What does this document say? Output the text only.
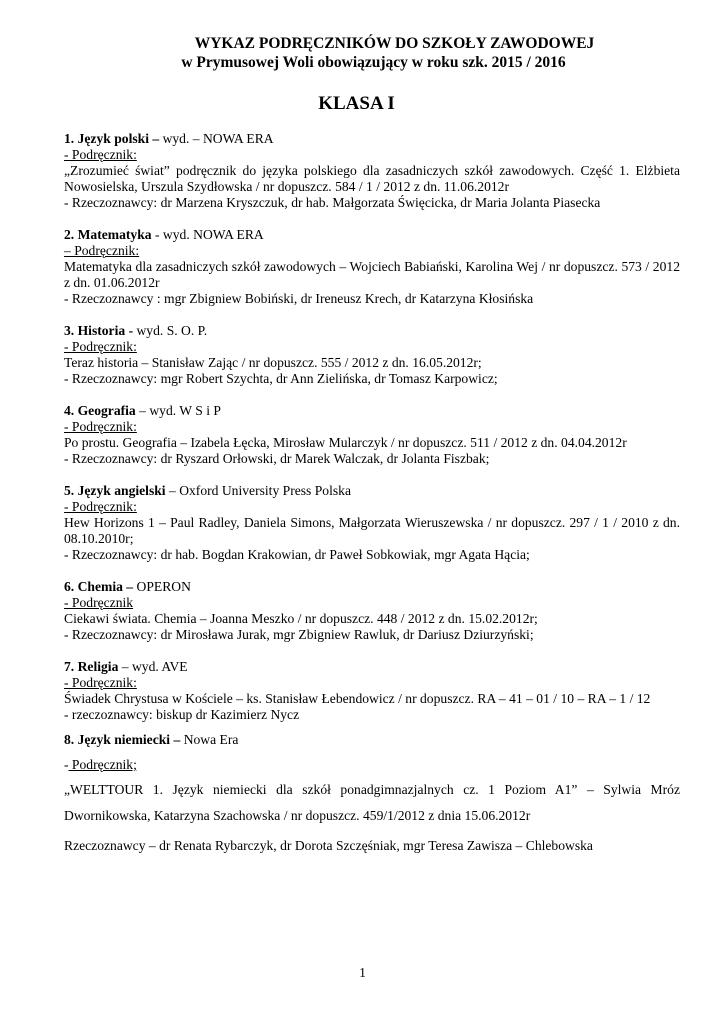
WYKAZ PODRĘCZNIKÓW DO SZKOŁY ZAWODOWEJ
w Prymusowej Woli obowiązujący w roku szk. 2015 / 2016
KLASA I
1. Język polski – wyd. – NOWA ERA
- Podręcznik:
„Zrozumieć świat” podręcznik do języka polskiego dla zasadniczych szkół zawodowych. Część 1. Elżbieta Nowosielska, Urszula Szydłowska / nr dopuszcz. 584 / 1 / 2012 z dn. 11.06.2012r
- Rzeczoznawcy: dr Marzena Kryszczuk, dr hab. Małgorzata Święcicka, dr Maria Jolanta Piasecka
2. Matematyka - wyd. NOWA ERA
– Podręcznik:
Matematyka dla zasadniczych szkół zawodowych – Wojciech Babiański, Karolina Wej / nr dopuszcz. 573 / 2012 z dn. 01.06.2012r
- Rzeczoznawcy : mgr Zbigniew Bobiński, dr Ireneusz Krech, dr Katarzyna Kłosińska
3. Historia - wyd. S. O. P.
- Podręcznik:
Teraz historia – Stanisław Zając / nr dopuszcz. 555 / 2012 z dn. 16.05.2012r;
- Rzeczoznawcy: mgr Robert Szychta, dr Ann Zielińska, dr Tomasz Karpowicz;
4. Geografia – wyd. W S i P
- Podręcznik:
Po prostu. Geografia – Izabela Łęcka, Mirosław Mularczyk / nr dopuszcz. 511 / 2012 z dn. 04.04.2012r
- Rzeczoznawcy: dr Ryszard Orłowski, dr Marek Walczak, dr Jolanta Fiszbak;
5. Język angielski – Oxford University Press Polska
- Podręcznik:
Hew Horizons 1 – Paul Radley, Daniela Simons, Małgorzata Wieruszewska / nr dopuszcz. 297 / 1 / 2010 z dn. 08.10.2010r;
- Rzeczoznawcy: dr hab. Bogdan Krakowian, dr Paweł Sobkowiak, mgr Agata Hącia;
6. Chemia – OPERON
- Podręcznik
Ciekawi świata. Chemia – Joanna Meszko / nr dopuszcz. 448 / 2012 z dn. 15.02.2012r;
- Rzeczoznawcy: dr Mirosława Jurak, mgr Zbigniew Rawluk, dr Dariusz Dziurzyński;
7. Religia – wyd. AVE
- Podręcznik:
Świadek Chrystusa w Kościele – ks. Stanisław Łebendowicz / nr dopuszcz. RA – 41 – 01 / 10 – RA – 1 / 12
- rzeczoznawcy: biskup dr Kazimierz Nycz
8. Język niemiecki – Nowa Era
- Podręcznik;
„WELTTOUR 1. Język niemiecki dla szkół ponadgimnazjalnych cz. 1 Poziom A1” – Sylwia Mróz Dwornikowska, Katarzyna Szachowska / nr dopuszcz. 459/1/2012 z dnia 15.06.2012r
Rzeczoznawcy – dr Renata Rybarczyk, dr Dorota Szczęśniak, mgr Teresa Zawisza – Chlebowska
1
